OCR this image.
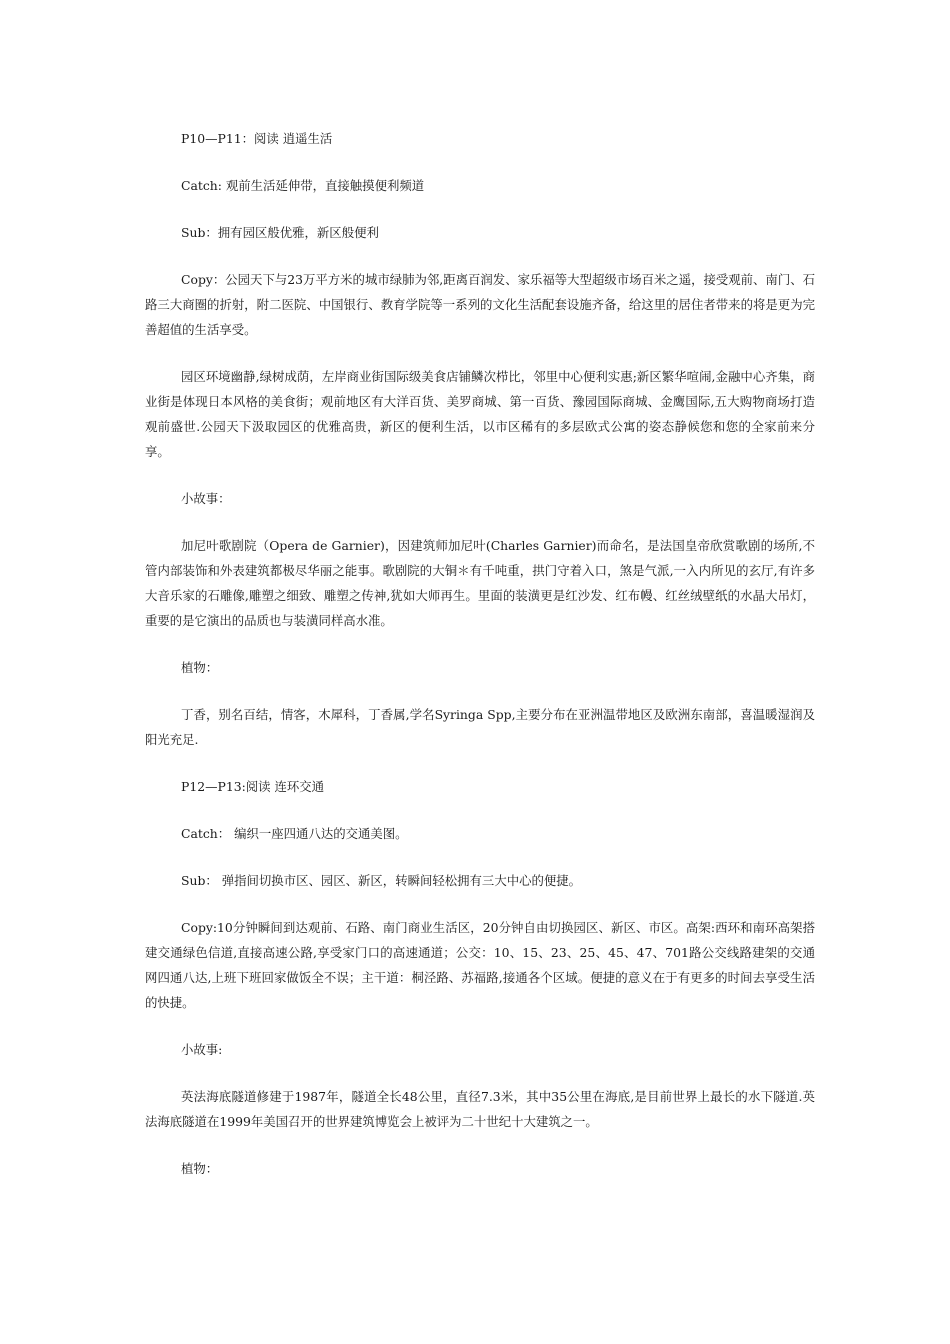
P10—P11：阅读 逍遥生活

Catch: 观前生活延伸带，直接触摸便利频道

Sub：拥有园区般优雅，新区般便利

Copy：公园天下与23万平方米的城市绿肺为邻,距离百润发、家乐福等大型超级市场百米之遥，接受观前、南门、石路三大商圈的折射，附二医院、中国银行、教育学院等一系列的文化生活配套设施齐备，给这里的居住者带来的将是更为完善超值的生活享受。

园区环境幽静,绿树成荫，左岸商业街国际级美食店铺鳞次栉比，邻里中心便利实惠;新区繁华喧闹,金融中心齐集，商业街是体现日本风格的美食街；观前地区有大洋百货、美罗商城、第一百货、豫园国际商城、金鹰国际,五大购物商场打造观前盛世.公园天下汲取园区的优雅高贵，新区的便利生活，以市区稀有的多层欧式公寓的姿态静候您和您的全家前来分享。

小故事：

加尼叶歌剧院（Opera de Garnier)，因建筑师加尼叶(Charles Garnier)而命名，是法国皇帝欣赏歌剧的场所,不管内部装饰和外表建筑都极尽华丽之能事。歌剧院的大铜＊有千吨重，拱门守着入口，煞是气派,一入内所见的玄厅,有许多大音乐家的石雕像,雕塑之细致、雕塑之传神,犹如大师再生。里面的装潢更是红沙发、红布幔、红丝绒壁纸的水晶大吊灯，重要的是它演出的品质也与装潢同样高水准。

植物：

丁香，别名百结，情客，木犀科，丁香属,学名Syringa Spp,主要分布在亚洲温带地区及欧洲东南部，喜温暖湿润及阳光充足.

P12—P13:阅读 连环交通

Catch： 编织一座四通八达的交通美图。

Sub： 弹指间切换市区、园区、新区，转瞬间轻松拥有三大中心的便捷。

Copy:10分钟瞬间到达观前、石路、南门商业生活区，20分钟自由切换园区、新区、市区。高架:西环和南环高架搭建交通绿色信道,直接高速公路,享受家门口的高速通道；公交：10、15、23、25、45、47、701路公交线路建架的交通网四通八达,上班下班回家做饭全不误；主干道：桐泾路、苏福路,接通各个区域。便捷的意义在于有更多的时间去享受生活的快捷。

小故事:

英法海底隧道修建于1987年，隧道全长48公里，直径7.3米，其中35公里在海底,是目前世界上最长的水下隧道.英法海底隧道在1999年美国召开的世界建筑博览会上被评为二十世纪十大建筑之一。

植物：
